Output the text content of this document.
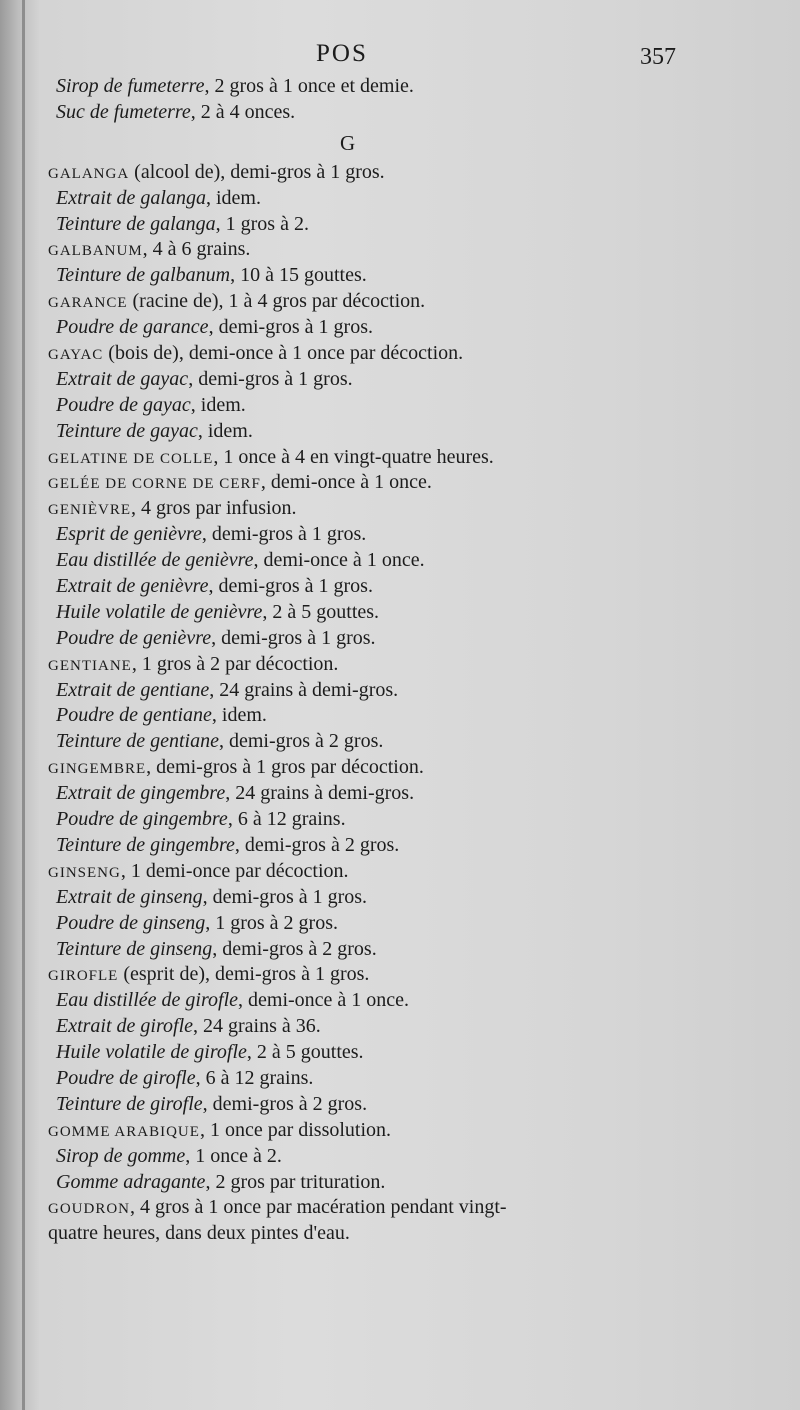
POS	357
Sirop de fumeterre, 2 gros à 1 once et demie.
Suc de fumeterre, 2 à 4 onces.
G
GALANGA (alcool de), demi-gros à 1 gros.
Extrait de galanga, idem.
Teinture de galanga, 1 gros à 2.
GALBANUM, 4 à 6 grains.
Teinture de galbanum, 10 à 15 gouttes.
GARANCE (racine de), 1 à 4 gros par décoction.
Poudre de garance, demi-gros à 1 gros.
GAYAC (bois de), demi-once à 1 once par décoction.
Extrait de gayac, demi-gros à 1 gros.
Poudre de gayac, idem.
Teinture de gayac, idem.
GELATINE DE COLLE, 1 once à 4 en vingt-quatre heures.
GELÉE DE CORNE DE CERF, demi-once à 1 once.
GENIÈVRE, 4 gros par infusion.
Esprit de genièvre, demi-gros à 1 gros.
Eau distillée de genièvre, demi-once à 1 once.
Extrait de genièvre, demi-gros à 1 gros.
Huile volatile de genièvre, 2 à 5 gouttes.
Poudre de genièvre, demi-gros à 1 gros.
GENTIANE, 1 gros à 2 par décoction.
Extrait de gentiane, 24 grains à demi-gros.
Poudre de gentiane, idem.
Teinture de gentiane, demi-gros à 2 gros.
GINGEMBRE, demi-gros à 1 gros par décoction.
Extrait de gingembre, 24 grains à demi-gros.
Poudre de gingembre, 6 à 12 grains.
Teinture de gingembre, demi-gros à 2 gros.
GINSENG, 1 demi-once par décoction.
Extrait de ginseng, demi-gros à 1 gros.
Poudre de ginseng, 1 gros à 2 gros.
Teinture de ginseng, demi-gros à 2 gros.
GIROFLE (esprit de), demi-gros à 1 gros.
Eau distillée de girofle, demi-once à 1 once.
Extrait de girofle, 24 grains à 36.
Huile volatile de girofle, 2 à 5 gouttes.
Poudre de girofle, 6 à 12 grains.
Teinture de girofle, demi-gros à 2 gros.
GOMME ARABIQUE, 1 once par dissolution.
Sirop de gomme, 1 once à 2.
Gomme adragante, 2 gros par trituration.
GOUDRON, 4 gros à 1 once par macération pendant vingt-
quatre heures, dans deux pintes d'eau.
